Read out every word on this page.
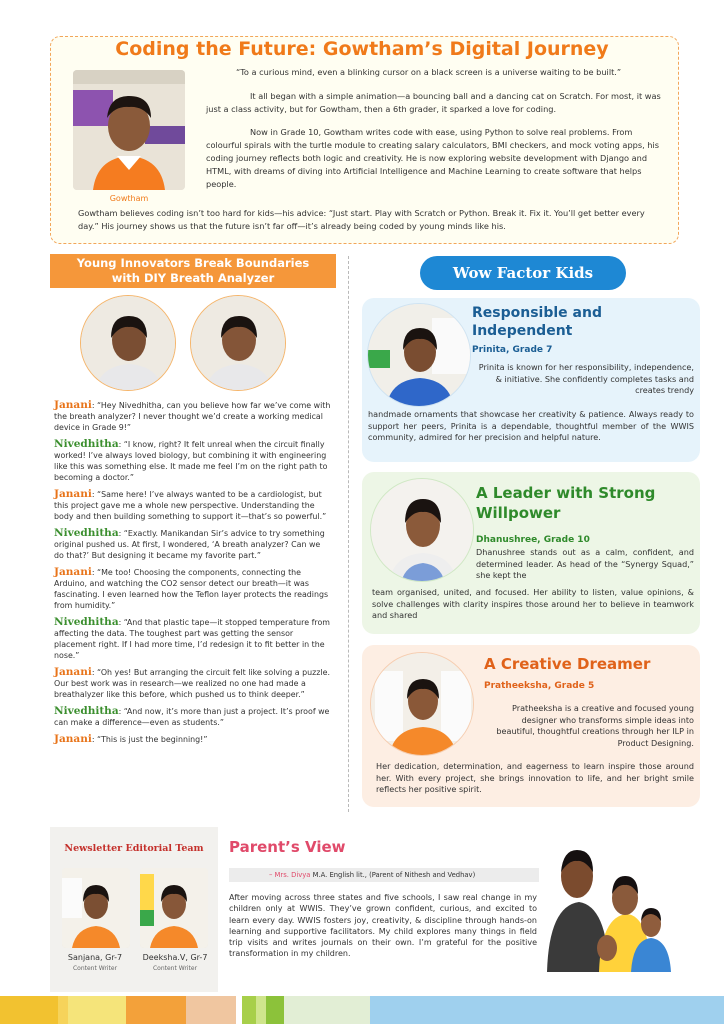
Coding the Future: Gowtham’s Digital Journey
Gowtham

“To a curious mind, even a blinking cursor on a black screen is a universe waiting to be built.”

It all began with a simple animation—a bouncing ball and a dancing cat on Scratch. For most, it was just a class activity, but for Gowtham, then a 6th grader, it sparked a love for coding.

Now in Grade 10, Gowtham writes code with ease, using Python to solve real problems. From colourful spirals with the turtle module to creating salary calculators, BMI checkers, and mock voting apps, his coding journey reflects both logic and creativity. He is now exploring website development with Django and HTML, with dreams of diving into Artificial Intelligence and Machine Learning to create software that helps people.

Gowtham believes coding isn’t too hard for kids—his advice: “Just start. Play with Scratch or Python. Break it. Fix it. You’ll get better every day.” His journey shows us that the future isn’t far off—it’s already being coded by young minds like his.

Young Innovators Break Boundaries
with DIY Breath Analyzer

Janani: “Hey Nivedhitha, can you believe how far we’ve come with the breath analyzer? I never thought we’d create a working medical device in Grade 9!”

Nivedhitha: “I know, right? It felt unreal when the circuit finally worked! I’ve always loved biology, but combining it with engineering like this was something else. It made me feel I’m on the right path to becoming a doctor.”

Janani: “Same here! I’ve always wanted to be a cardiologist, but this project gave me a whole new perspective. Understanding the body and then building something to support it—that’s so powerful.”

Nivedhitha: “Exactly. Manikandan Sir’s advice to try something original pushed us. At first, I wondered, ‘A breath analyzer? Can we do that?’ But designing it became my favorite part.”

Janani: “Me too! Choosing the components, connecting the Arduino, and watching the CO2 sensor detect our breath—it was fascinating. I even learned how the Teflon layer protects the readings from humidity.”

Nivedhitha: “And that plastic tape—it stopped temperature from affecting the data. The toughest part was getting the sensor placement right. If I had more time, I’d redesign it to fit better in the nose.”

Janani: “Oh yes! But arranging the circuit felt like solving a puzzle. Our best work was in research—we realized no one had made a breathalyzer like this before, which pushed us to think deeper.”

Nivedhitha: “And now, it’s more than just a project. It’s proof we can make a difference—even as students.”

Janani: “This is just the beginning!”

Wow Factor Kids
Responsible and
Independent
Prinita, Grade 7

Prinita is known for her responsibility, independence, & initiative. She confidently completes tasks and creates trendy

handmade ornaments that showcase her creativity & patience. Always ready to support her peers, Prinita is a dependable, thoughtful member of the WWIS community, admired for her precision and helpful nature.

A Leader with Strong
Willpower
Dhanushree, Grade 10

Dhanushree stands out as a calm, confident, and determined leader. As head of the “Synergy Squad,” she kept the

team organised, united, and focused. Her ability to listen, value opinions, & solve challenges with clarity inspires those around her to believe in teamwork and shared

A Creative Dreamer
Pratheeksha, Grade 5

Pratheeksha is a creative and focused young designer who transforms simple ideas into beautiful, thoughtful creations through her ILP in Product Designing.

Her dedication, determination, and eagerness to learn inspire those around her. With every project, she brings innovation to life, and her bright smile reflects her positive spirit.

Newsletter Editorial Team
Sanjana, Gr-7
Content Writer
Deeksha.V, Gr-7
Content Writer
Parent’s View
– Mrs. Divya M.A. English lit., (Parent of Nithesh and Vedhav)

After moving across three states and five schools, I saw real change in my children only at WWIS. They’ve grown confident, curious, and excited to learn every day. WWIS fosters joy, creativity, & discipline through hands-on learning and supportive facilitators. My child explores many things in field trip visits and writes journals on their own. I’m grateful for the positive transformation in my children.
